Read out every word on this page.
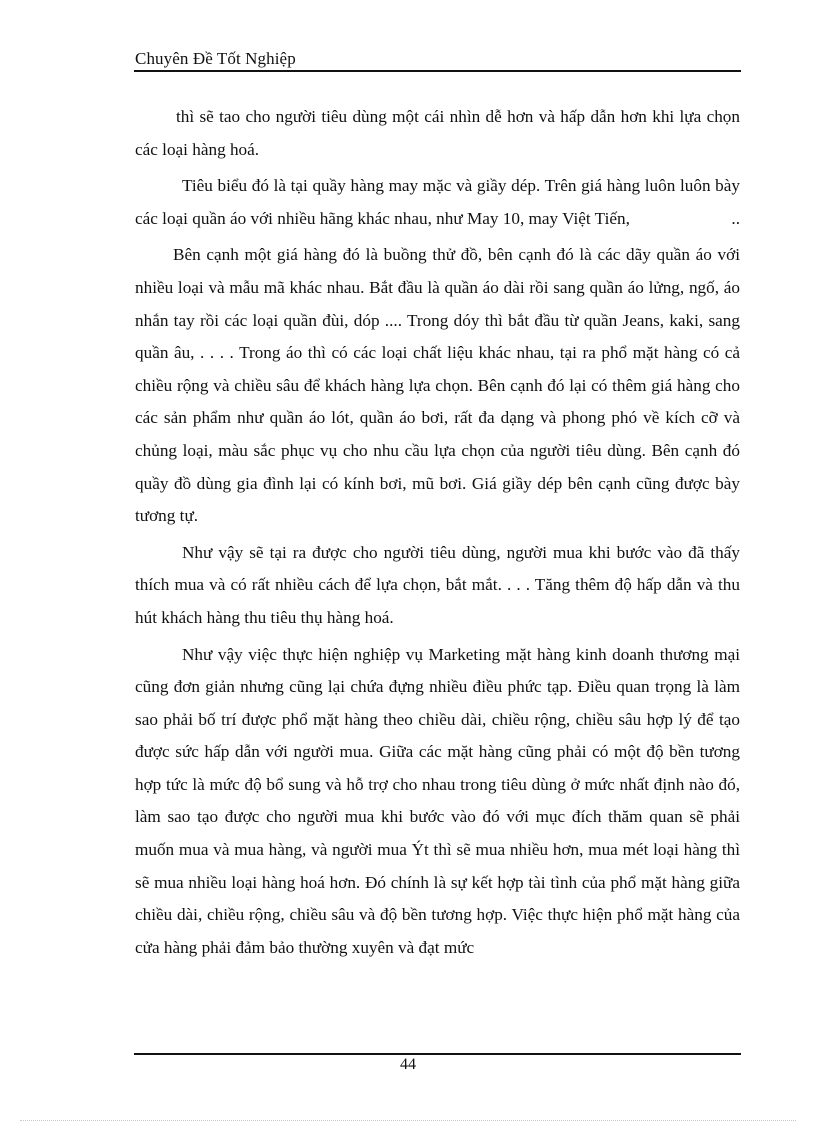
Chuyên Đề Tốt Nghiệp

thì sẽ tao cho người tiêu dùng một cái nhìn dễ hơn và hấp dẫn hơn khi lựa chọn các loại hàng hoá.

Tiêu biểu đó là tại quầy hàng may mặc và giầy dép. Trên giá hàng luôn luôn bày các loại quần áo với nhiều hãng khác nhau, như May 10, may Việt Tiến,	..

Bên cạnh một giá hàng đó là buồng thử đồ, bên cạnh đó là các dãy quần áo với nhiều loại và mẫu mã khác nhau. Bắt đầu là quần áo dài rồi sang quần áo lửng, ngố, áo nhắn tay rồi các loại quần đùi, dóp .... Trong dóy thì bắt đầu từ quần Jeans, kaki, sang quần âu, . . . . Trong áo thì có các loại chất liệu khác nhau, tại ra phổ mặt hàng có cả chiều rộng và chiều sâu để khách hàng lựa chọn. Bên cạnh đó lại có thêm giá hàng cho các sản phẩm như quần áo lót, quần áo bơi, rất đa dạng và phong phó về kích cỡ và chủng loại, màu sắc phục vụ cho nhu cầu lựa chọn của người tiêu dùng. Bên cạnh đó quầy đồ dùng gia đình lại có kính bơi, mũ bơi. Giá giầy dép bên cạnh cũng được bày tương tự.

Như vậy sẽ tại ra được cho người tiêu dùng, người mua khi bước vào đã thấy thích mua và có rất nhiều cách để lựa chọn, bắt mắt. . . . Tăng thêm độ hấp dẫn và thu hút khách hàng thu tiêu thụ hàng hoá.

Như vậy việc thực hiện nghiệp vụ Marketing mặt hàng kinh doanh thương mại cũng đơn giản nhưng cũng lại chứa đựng nhiều điều phức tạp. Điều quan trọng là làm sao phải bố trí được phổ mặt hàng theo chiều dài, chiều rộng, chiều sâu hợp lý để tạo được sức hấp dẫn với người mua. Giữa các mặt hàng cũng phải có một độ bền tương hợp tức là mức độ bổ sung và hỗ trợ cho nhau trong tiêu dùng ở mức nhất định nào đó, làm sao tạo được cho người mua khi bước vào đó với mục đích thăm quan sẽ phải muốn mua và mua hàng, và người mua Ýt thì sẽ mua nhiều hơn, mua mét loại hàng thì sẽ mua nhiều loại hàng hoá hơn. Đó chính là sự kết hợp tài tình của phổ mặt hàng giữa chiều dài, chiều rộng, chiều sâu và độ bền tương hợp. Việc thực hiện phổ mặt hàng của cửa hàng phải đảm bảo thường xuyên và đạt mức

44
